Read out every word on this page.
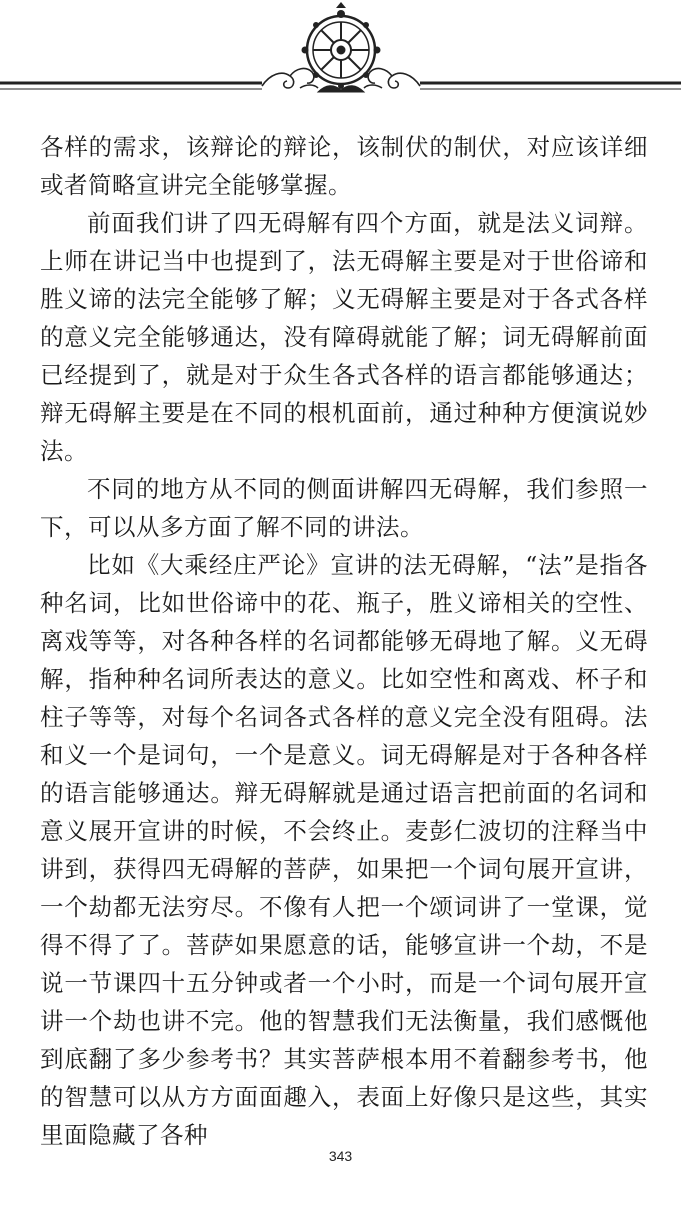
各样的需求，该辩论的辩论，该制伏的制伏，对应该详细或者简略宣讲完全能够掌握。

前面我们讲了四无碍解有四个方面，就是法义词辩。上师在讲记当中也提到了，法无碍解主要是对于世俗谛和胜义谛的法完全能够了解；义无碍解主要是对于各式各样的意义完全能够通达，没有障碍就能了解；词无碍解前面已经提到了，就是对于众生各式各样的语言都能够通达；辩无碍解主要是在不同的根机面前，通过种种方便演说妙法。

不同的地方从不同的侧面讲解四无碍解，我们参照一下，可以从多方面了解不同的讲法。

比如《大乘经庄严论》宣讲的法无碍解，“法”是指各种名词，比如世俗谛中的花、瓶子，胜义谛相关的空性、离戏等等，对各种各样的名词都能够无碍地了解。义无碍解，指种种名词所表达的意义。比如空性和离戏、杯子和柱子等等，对每个名词各式各样的意义完全没有阻碍。法和义一个是词句，一个是意义。词无碍解是对于各种各样的语言能够通达。辩无碍解就是通过语言把前面的名词和意义展开宣讲的时候，不会终止。麦彭仁波切的注释当中讲到，获得四无碍解的菩萨，如果把一个词句展开宣讲，一个劫都无法穷尽。不像有人把一个颂词讲了一堂课，觉得不得了了。菩萨如果愿意的话，能够宣讲一个劫，不是说一节课四十五分钟或者一个小时，而是一个词句展开宣讲一个劫也讲不完。他的智慧我们无法衡量，我们感慨他到底翻了多少参考书？其实菩萨根本用不着翻参考书，他的智慧可以从方方面面趣入，表面上好像只是这些，其实里面隐藏了各种

343
